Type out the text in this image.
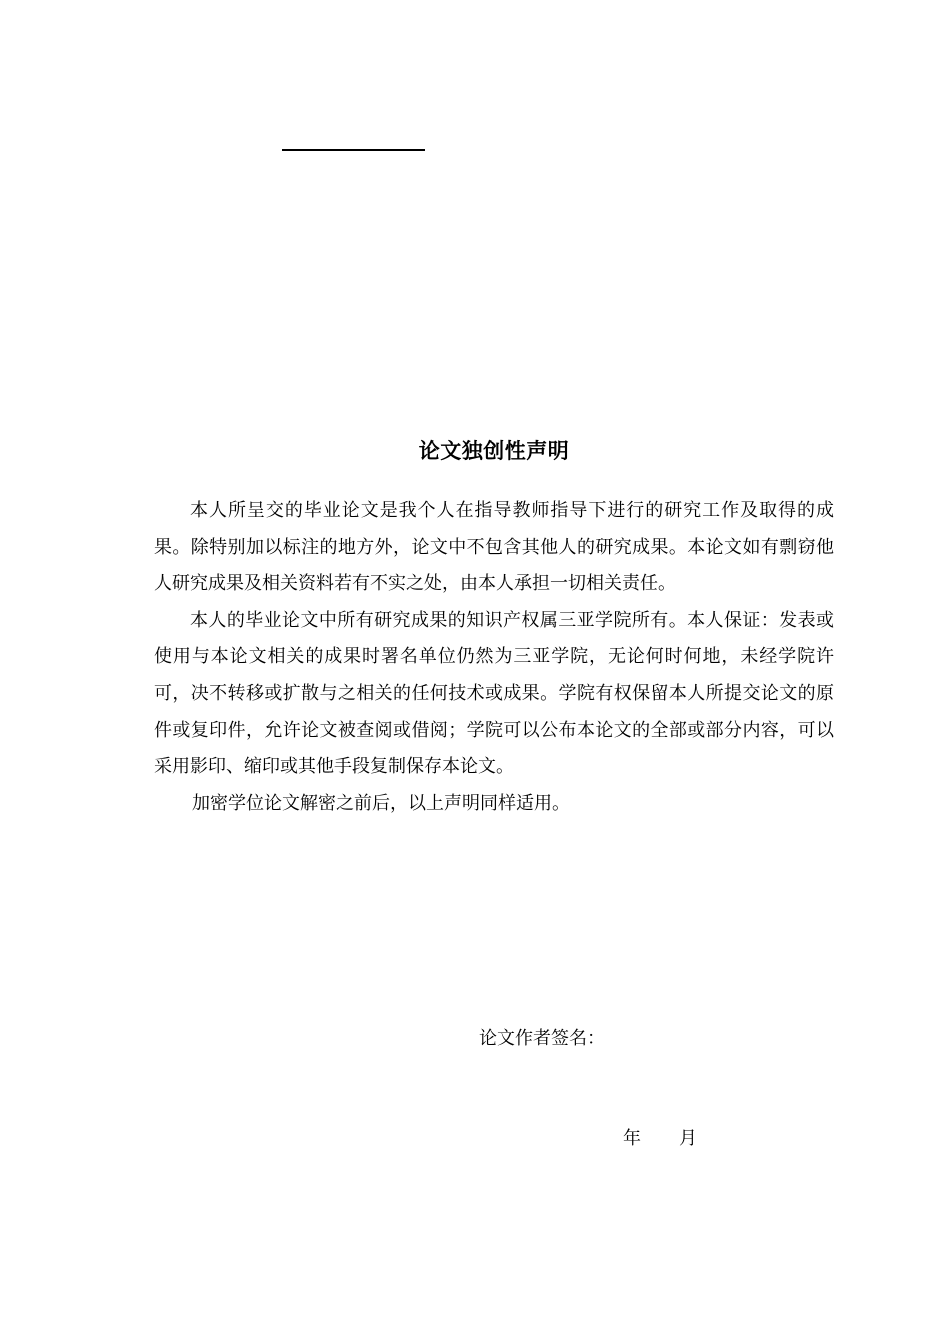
论文独创性声明

本人所呈交的毕业论文是我个人在指导教师指导下进行的研究工作及取得的成果。除特别加以标注的地方外，论文中不包含其他人的研究成果。本论文如有剽窃他人研究成果及相关资料若有不实之处，由本人承担一切相关责任。

本人的毕业论文中所有研究成果的知识产权属三亚学院所有。本人保证：发表或使用与本论文相关的成果时署名单位仍然为三亚学院，无论何时何地，未经学院许可，决不转移或扩散与之相关的任何技术或成果。学院有权保留本人所提交论文的原件或复印件，允许论文被查阅或借阅；学院可以公布本论文的全部或部分内容，可以采用影印、缩印或其他手段复制保存本论文。

加密学位论文解密之前后，以上声明同样适用。

论文作者签名：
年 月
